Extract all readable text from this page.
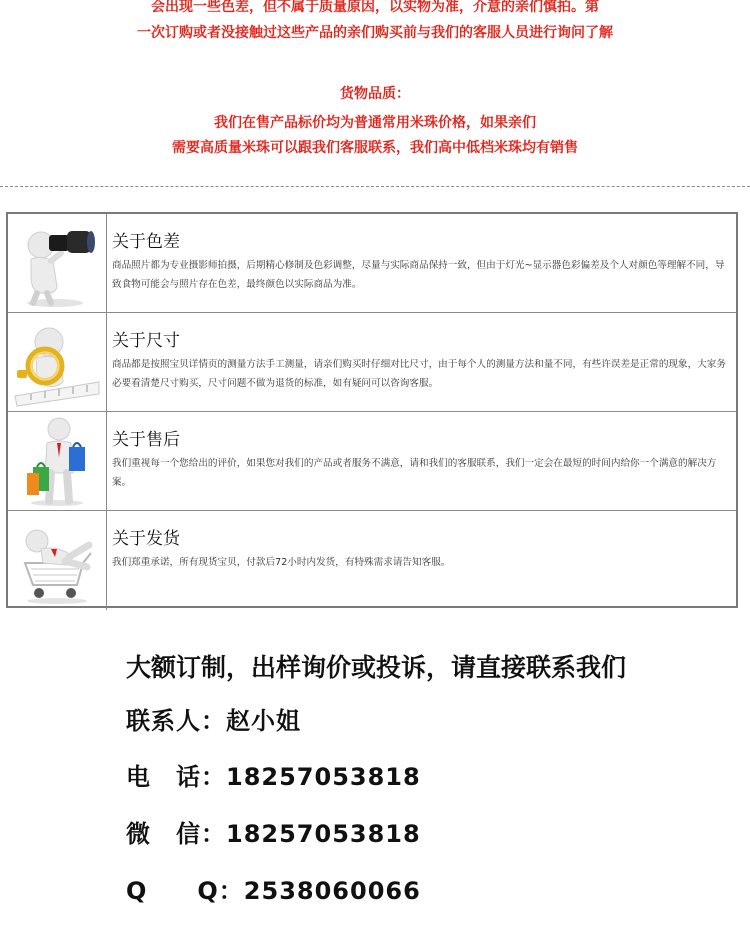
会出现一些色差，但不属于质量原因，以实物为准，介意的亲们慎拍。第
一次订购或者没接触过这些产品的亲们购买前与我们的客服人员进行询问了解
货物品质：
我们在售产品标价均为普通常用米珠价格，如果亲们
需要高质量米珠可以跟我们客服联系，我们高中低档米珠均有销售
关于色差
商品照片都为专业摄影师拍摄，后期精心修制及色彩调整，尽量与实际商品保持一致，但由于灯光~显示器色彩偏差及个人对颜色等理解不同，导致食物可能会与照片存在色差，最终颜色以实际商品为准。
关于尺寸
商品都是按照宝贝详情页的测量方法手工测量，请亲们购买时仔细对比尺寸，由于每个人的测量方法和量不同，有些许误差是正常的现象，大家务必要看清楚尺寸购买，尺寸问题不做为退货的标准，如有疑问可以咨询客服。
关于售后
我们重视每一个您给出的评价，如果您对我们的产品或者服务不满意，请和我们的客服联系，我们一定会在最短的时间内给你一个满意的解决方案。
关于发货
我们郑重承诺，所有现货宝贝，付款后72小时内发货，有特殊需求请告知客服。
大额订制，出样询价或投诉，请直接联系我们
联系人：赵小姐
电　话：18257053818
微　信：18257053818
Q　　Q：2538060066
